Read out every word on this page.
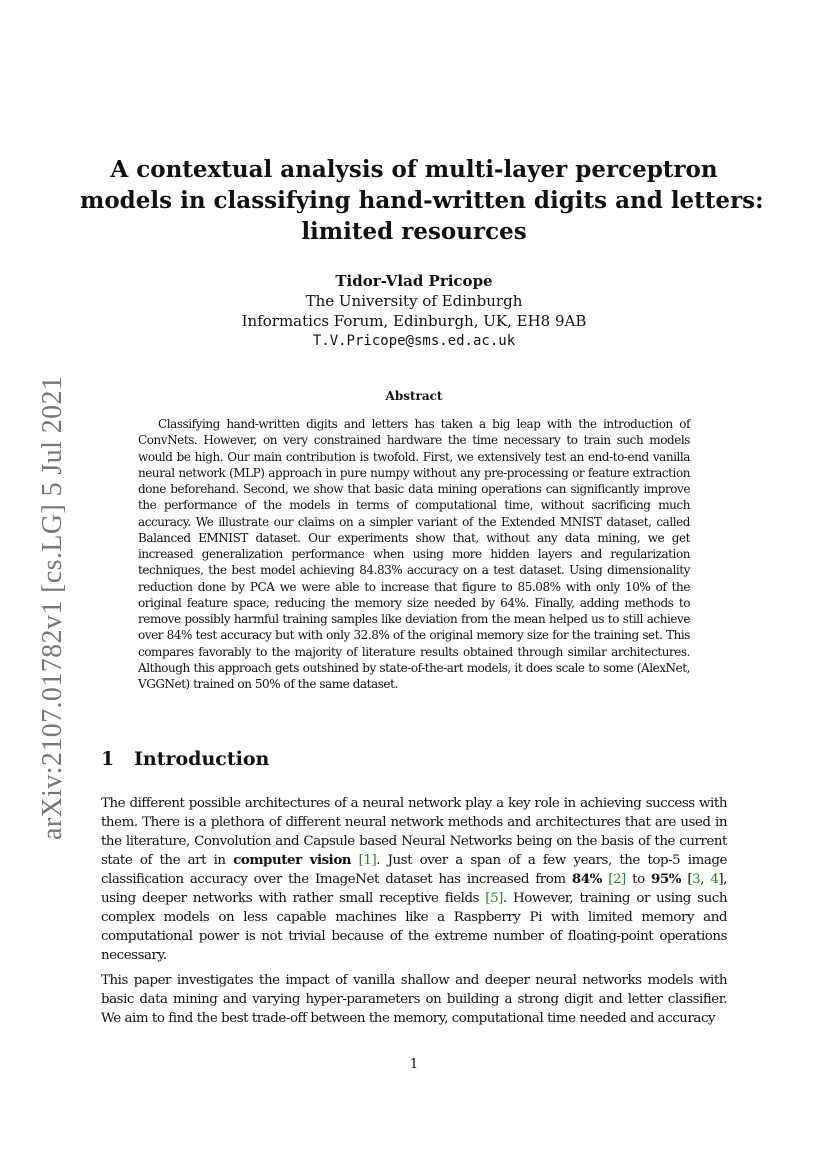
arXiv:2107.01782v1 [cs.LG] 5 Jul 2021
A contextual analysis of multi-layer perceptron
models in classifying hand-written digits and letters:
limited resources
Tidor-Vlad Pricope
The University of Edinburgh
Informatics Forum, Edinburgh, UK, EH8 9AB
T.V.Pricope@sms.ed.ac.uk
Abstract

Classifying hand-written digits and letters has taken a big leap with the introduction of ConvNets. However, on very constrained hardware the time necessary to train such models would be high. Our main contribution is twofold. First, we extensively test an end-to-end vanilla neural network (MLP) approach in pure numpy without any pre-processing or feature extraction done beforehand. Second, we show that basic data mining operations can significantly improve the performance of the models in terms of computational time, without sacrificing much accuracy. We illustrate our claims on a simpler variant of the Extended MNIST dataset, called Balanced EMNIST dataset. Our experiments show that, without any data mining, we get increased generalization performance when using more hidden layers and regularization techniques, the best model achieving 84.83% accuracy on a test dataset. Using dimensionality reduction done by PCA we were able to increase that figure to 85.08% with only 10% of the original feature space, reducing the memory size needed by 64%. Finally, adding methods to remove possibly harmful training samples like deviation from the mean helped us to still achieve over 84% test accuracy but with only 32.8% of the original memory size for the training set. This compares favorably to the majority of literature results obtained through similar architectures. Although this approach gets outshined by state-of-the-art models, it does scale to some (AlexNet, VGGNet) trained on 50% of the same dataset.

1 Introduction

The different possible architectures of a neural network play a key role in achieving success with them. There is a plethora of different neural network methods and architectures that are used in the literature, Convolution and Capsule based Neural Networks being on the basis of the current state of the art in computer vision [1]. Just over a span of a few years, the top-5 image classification accuracy over the ImageNet dataset has increased from 84% [2] to 95% [3, 4], using deeper networks with rather small receptive fields [5]. However, training or using such complex models on less capable machines like a Raspberry Pi with limited memory and computational power is not trivial because of the extreme number of floating-point operations necessary.

This paper investigates the impact of vanilla shallow and deeper neural networks models with basic data mining and varying hyper-parameters on building a strong digit and letter classifier. We aim to find the best trade-off between the memory, computational time needed and accuracy

1
